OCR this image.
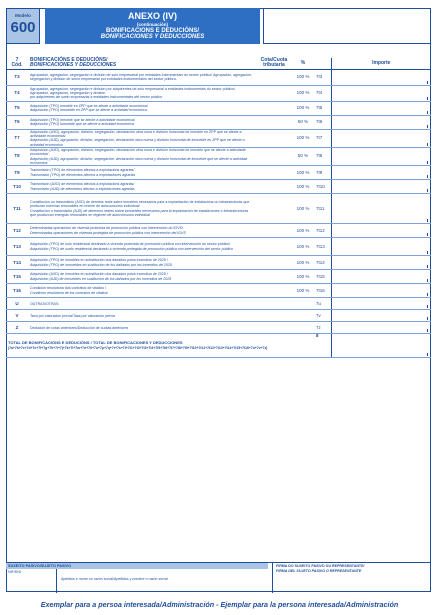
Modelo
600
ANEXO (IV)
(continuación)
BONIFICACIONS E DEDUCIÓNS/
BONIFICACIONES Y DEDUCCIONES
7
Cód.	BONIFICACIÓNS E DEDUCIÓNS/
BONIFICACIONES Y DEDUCCIONES	Cota/Cuota tributaria	%		Importe
T3	Agrupación, agregación, segregación e división de solo empresarial por entidades instrumentais do sector público/ Agrupación, agregación, segregación y división de suelo empresarial por entidades instrumentales del sector público.		100 %	7t3	

T4	Agrupación, agregación, segregación e división por adquirentes de solo empresarial a entidades instrumentais do sector público/ Agrupación, agregación, segregación y división
por adquirentes de suelo empresarial a entidades instrumentales del sector público		100 %	7t4	

T5	Adquisición (TPO) inmoble en ZPP que se afecte a actividade económica/
Adquisición (TPO) inmueble en ZPP que se afecte a actividad económica		100 %	7t5	

T6	Adquisición (TPO) inmoble que se afecte a actividade económica/
Adquisición (TPO) inmueble que se afecte a actividad económica		50 %	7t6	

T7	Adquisición (AXD), agrupación, división, segregación, declaración obra nova e división horizontal de inmoble en ZPP que se afecte a actividade económica/
Adquisición (AJD), agrupación, división, segregación, declaración obra nueva y división horizontal de inmueble en ZPP que se afecte a actividad económica		100 %	7t7	

T8	Adquisición (AXD), agrupación, división, segregación, declaración obra nova e división horizontal de inmoble que se afecte a actividade económica/
Adquisición (AJD), agrupación, división, segregación, declaración obra nueva y división horizontal de inmueble que se afecte a actividad económica		50 %	7t8	

T9	Transmisión (TPO) de elementos afectos a explotacións agrarias/
Transmisión (TPO) de elementos afectos a explotaciones agrarias		100 %	7t9	

T10	Transmisión (AXD) de elementos afectos a explotacións agrarias/
Transmisión (AJD) de elementos afectos a explotaciones agrarias		100 %	7t10	

T11	Constitución ou transmisión (AXD) de dereitos reais sobre inmobles necesarios para a implantación de instalacións ou infraestruturas que produzan enerxías renovables en réxime de autoconsumo individual/
Constitución o transmisión (AJD) de derechos reales sobre inmuebles necesarios para la implantación de instalaciones o infraestructuras que produzcan energías renovables en régimen de autoconsumo individual		100 %	7t11	

T12	Determinadas operacións de vivenda protexida de promoción pública con intervención do IGVS/
Determinadas operaciones de vivienda protegida de promoción pública con intervención del IGVS		100 %	7t12	

T13	Adquisición (TPO) de solo residencial destinado a vivenda protexida de promoción pública con intervención do sector público/
Adquisición (TPO) de suelo residencial destinado a vivienda protegida de promoción pública con intervención del sector público		100 %	7t13	

T14	Adquisición (TPO) de inmobles en substitución dos danados polos incendios de 2025 /
Adquisición (TPO) de inmuebles en sustitución de los dañados por los incendios de 2025		100 %	7t14	

T15	Adquisición (AXD) de inmobles en substitución dos danados polos incendios de 2025 /
Adquisición (AJD) de inmuebles en sustitución de los dañados por los incendios de 2025		100 %	7t15	

T16	Condición resolutoria dos contratos de vitalicio /
Condición resolutoria de los contratos de vitalicio		100 %	7t16	

U	OUTRAS/OTRAS:			7u	

V	Taxa por valoración previa/Tasa por valoración previa			7v	

Z	Dedución de cotas anteriores/Deducción de cuotas anteriores			7z	

TOTAL DE BONIFICACIÓNS E DEDUCIÓNS / TOTAL DE BONIFICACIONES Y DEDUCCIONES
(7a+7b+7c+7d+7e+7f+7g+7h+7i+7j+7k+7l+7m+7n+7ñ+7o+7p+7q+7r+7s+7t+7t1+7t2+7t3+7t4+7t5+7t6+7t7+7t8+7t9+7t10+7t11+7t12+7t13+7t14+7t15+7t16+7u+7v+7z)				8	
SUXEITO PASIVO/SUJETO PASIVO
NIF/DNI
Apelidos e nome ou razón social/Apellidos y nombre o razón social
FIRMA DO SUXEITO PASIVO OU REPRESENTANTE/
FIRMA DEL SUJETO PASIVO O REPRESENTANTE
Exemplar para a persoa interesada/Administración - Ejemplar para la persona interesada/Administración
